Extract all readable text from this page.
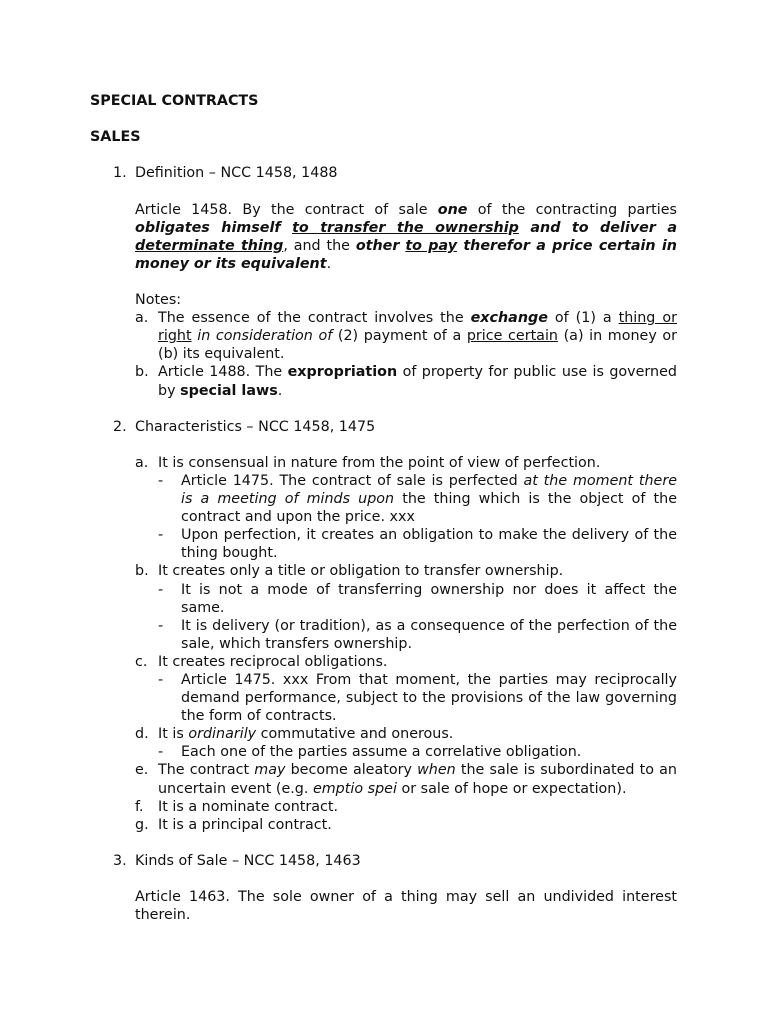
SPECIAL CONTRACTS

SALES

1. Definition – NCC 1458, 1488
Article 1458. By the contract of sale one of the contracting parties obligates himself to transfer the ownership and to deliver a determinate thing, and the other to pay therefor a price certain in money or its equivalent.
Notes:
a. The essence of the contract involves the exchange of (1) a thing or right in consideration of (2) payment of a price certain (a) in money or (b) its equivalent.
b. Article 1488. The expropriation of property for public use is governed by special laws.
2. Characteristics – NCC 1458, 1475
a. It is consensual in nature from the point of view of perfection.
- Article 1475. The contract of sale is perfected at the moment there is a meeting of minds upon the thing which is the object of the contract and upon the price. xxx
- Upon perfection, it creates an obligation to make the delivery of the thing bought.
b. It creates only a title or obligation to transfer ownership.
- It is not a mode of transferring ownership nor does it affect the same.
- It is delivery (or tradition), as a consequence of the perfection of the sale, which transfers ownership.
c. It creates reciprocal obligations.
- Article 1475. xxx From that moment, the parties may reciprocally demand performance, subject to the provisions of the law governing the form of contracts.
d. It is ordinarily commutative and onerous.
- Each one of the parties assume a correlative obligation.
e. The contract may become aleatory when the sale is subordinated to an uncertain event (e.g. emptio spei or sale of hope or expectation).
f. It is a nominate contract.
g. It is a principal contract.
3. Kinds of Sale – NCC 1458, 1463
Article 1463. The sole owner of a thing may sell an undivided interest therein.
